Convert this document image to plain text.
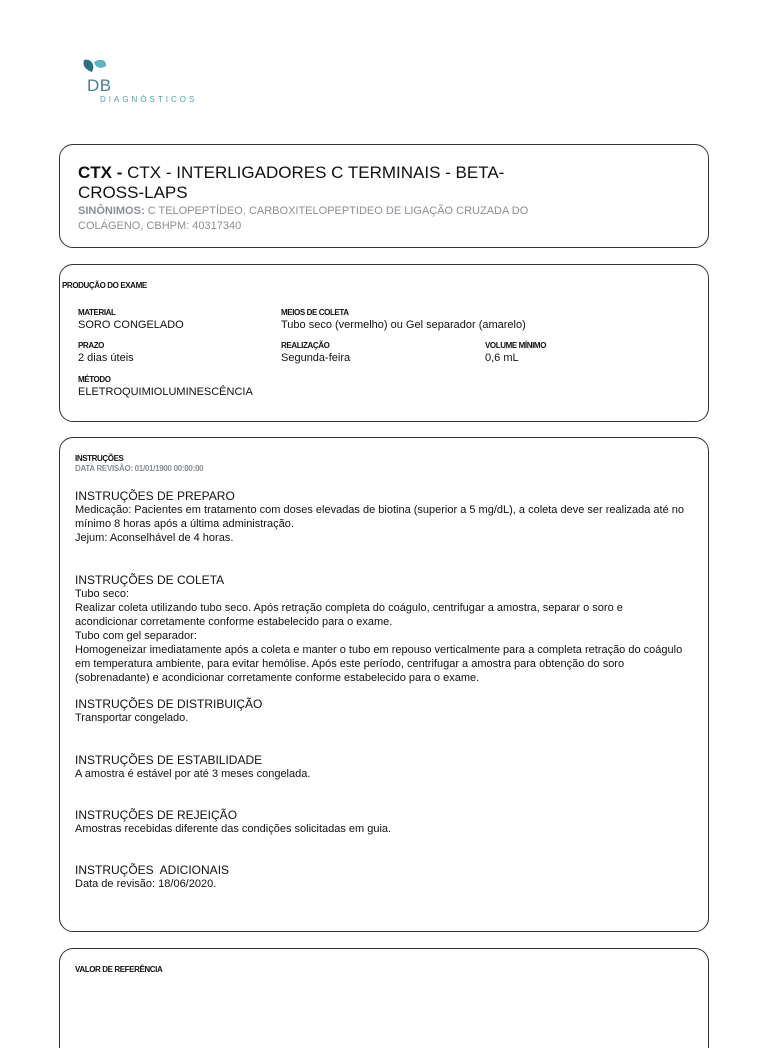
DB
DIAGNÓSTICOS
CTX - CTX - INTERLIGADORES C TERMINAIS - BETA-CROSS-LAPS
SINÔNIMOS: C TELOPEPTÍDEO, CARBOXITELOPEPTIDEO DE LIGAÇÃO CRUZADA DO COLÁGENO, CBHPM: 40317340
PRODUÇÃO DO EXAME
MATERIAL
SORO CONGELADO
MEIOS DE COLETA
Tubo seco (vermelho) ou Gel separador (amarelo)
PRAZO
2 dias úteis
REALIZAÇÃO
Segunda-feira
VOLUME MÍNIMO
0,6 mL
MÉTODO
ELETROQUIMIOLUMINESCÊNCIA
INSTRUÇÕES
DATA REVISÃO: 01/01/1900 00:00:00
INSTRUÇÕES DE PREPARO
Medicação: Pacientes em tratamento com doses elevadas de biotina (superior a 5 mg/dL), a coleta deve ser realizada até no mínimo 8 horas após a última administração.
Jejum: Aconselhável de 4 horas.
INSTRUÇÕES DE COLETA
Tubo seco:
Realizar coleta utilizando tubo seco. Após retração completa do coágulo, centrifugar a amostra, separar o soro e acondicionar corretamente conforme estabelecido para o exame.
Tubo com gel separador:
Homogeneizar imediatamente após a coleta e manter o tubo em repouso verticalmente para a completa retração do coágulo em temperatura ambiente, para evitar hemólise. Após este período, centrifugar a amostra para obtenção do soro (sobrenadante) e acondicionar corretamente conforme estabelecido para o exame.
INSTRUÇÕES DE DISTRIBUIÇÃO
Transportar congelado.
INSTRUÇÕES DE ESTABILIDADE
A amostra é estável por até 3 meses congelada.
INSTRUÇÕES DE REJEIÇÃO
Amostras recebidas diferente das condições solicitadas em guia.
INSTRUÇÕES  ADICIONAIS
Data de revisão: 18/06/2020.
VALOR DE REFERÊNCIA
